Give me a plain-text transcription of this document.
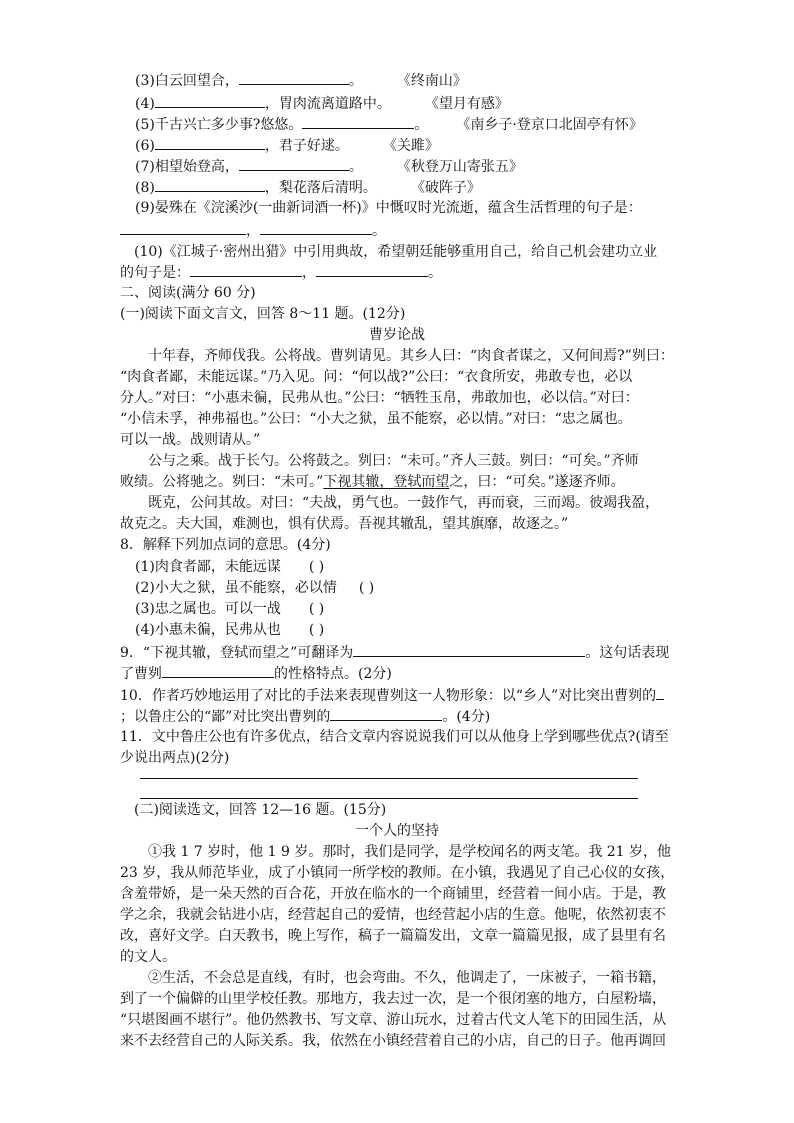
(3)白云回望合，	。 《终南山》
(4)	，胃肉流离道路中。 《望月有感》
(5)千古兴亡多少事?悠悠。	。 《南乡子·登京口北固亭有怀》
(6)	，君子好逑。 《关雎》
(7)相望始登高，	。 《秋登万山寄张五》
(8)	，梨花落后清明。 《破阵子》
(9)晏殊在《浣溪沙(一曲新词酒一杯)》中慨叹时光流逝，蕴含生活哲理的句子是：
，	。
(10)《江城子·密州出猎》中引用典故，希望朝廷能够重用自己，给自己机会建功立业
的句子是：	，	。
二、阅读(满分 60 分)
(一)阅读下面文言文，回答 8～11 题。(12分)
曹岁论战
十年春，齐师伐我。公将战。曹刿请见。其乡人曰：“肉食者谋之，又何间焉?”刿曰：
“肉食者鄙，未能远谋。”乃入见。问：“何以战?”公曰：“衣食所安，弗敢专也，必以
分人。”对曰：“小惠未徧，民弗从也。”公曰：“牺牲玉帛，弗敢加也，必以信。”对曰：
“小信未孚，神弗福也。”公曰：“小大之狱，虽不能察，必以情。”对曰：“忠之属也。
可以一战。战则请从。”
公与之乘。战于长勺。公将鼓之。刿曰：“未可。”齐人三鼓。刿曰：“可矣。”齐师
败绩。公将驰之。刿曰：“未可。”下视其辙，登轼而望之，曰：“可矣。”遂逐齐师。
既克，公问其故。对曰：“夫战，勇气也。一鼓作气，再而衰，三而竭。彼竭我盈，
故克之。夫大国，难测也，惧有伏焉。吾视其辙乱，望其旗靡，故逐之。”
8．解释下列加点词的意思。(4分)
(1)肉食者鄙，未能远谋 ( )
(2)小大之狱，虽不能察，必以情 ( )
(3)忠之属也。可以一战 ( )
(4)小惠未徧，民弗从也 ( )
9．“下视其辙，登轼而望之”可翻译为	。这句话表现
了曹刿	的性格特点。(2分)
10．作者巧妙地运用了对比的手法来表现曹刿这一人物形象：以“乡人”对比突出曹刿的
；以鲁庄公的“鄙”对比突出曹刿的	。(4分)
11．文中鲁庄公也有许多优点，结合文章内容说说我们可以从他身上学到哪些优点?(请至
少说出两点)(2分)
(二)阅读选文，回答 12—16 题。(15分)
一个人的坚持
①我 1 7 岁时，他 1 9 岁。那时，我们是同学，是学校闻名的两支笔。我 21 岁，他
23 岁，我从师范毕业，成了小镇同一所学校的教师。在小镇，我遇见了自己心仪的女孩，
含羞带娇，是一朵天然的百合花，开放在临水的一个商铺里，经营着一间小店。于是，教
学之余，我就会钻进小店，经营起自己的爱情，也经营起小店的生意。他呢，依然初衷不
改，喜好文学。白天教书，晚上写作，稿子一篇篇发出，文章一篇篇见报，成了县里有名
的文人。
②生活，不会总是直线，有时，也会弯曲。不久，他调走了，一床被子，一箱书籍，
到了一个偏僻的山里学校任教。那地方，我去过一次，是一个很闭塞的地方，白屋粉墙，
“只堪图画不堪行”。他仍然教书、写文章、游山玩水，过着古代文人笔下的田园生活，从
来不去经营自己的人际关系。我，依然在小镇经营着自己的小店，自己的日子。他再调回
